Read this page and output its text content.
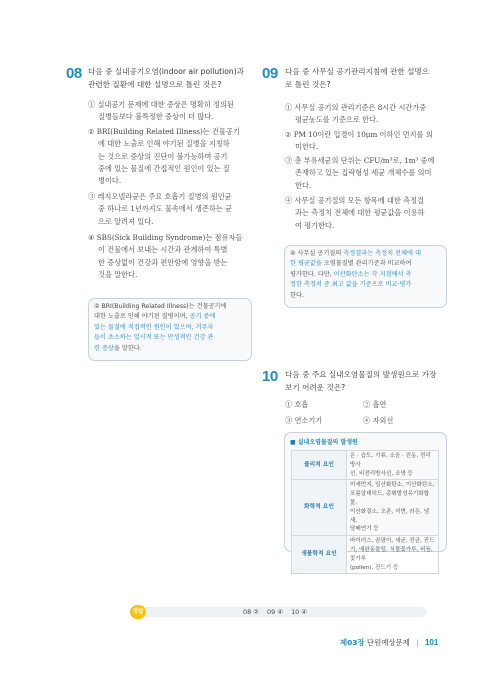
08 다음 중 실내공기오염(indoor air pollution)과
관련한 질환에 대한 설명으로 틀린 것은?
① 실내공기 문제에 대한 증상은 명확히 정의된
질병들보다 불특정한 증상이 더 많다.
② BRI(Building Related Illness)는 건물공기
에 대한 노출로 인해 야기된 질병을 지칭하
는 것으로 증상의 진단이 불가능하며 공기
중에 있는 물질에 간접적인 원인이 있는 질
병이다.
③ 레지오넬라균은 주요 호흡기 질병의 원인균
중 하나로 1년까지도 물속에서 생존하는 균
으로 알려져 있다.
④ SBS(Sick Building Syndrome)는 점유자들
이 건물에서 보내는 시간과 관계하여 특별
한 증상없이 건강과 편안함에 영향을 받는
것을 말한다.
② BRI(Building Related Illness)는 건물공기에
대한 노출로 인해 야기된 질병이며, 공기 중에
있는 물질에 직접적인 원인이 있으며, 거주자
들이 초소하는 일시적 또는 만성적인 건강 관
련 증상을 말한다.
09 다음 중 사무실 공기관리지침에 관한 설명으
로 틀린 것은?
① 사무실 공기의 관리기준은 8시간 시간가중
평균농도를 기준으로 한다.
② PM 10이란 입경이 10μm 이하인 먼지를 의
미한다.
③ 총 부유세균의 단위는 CFU/m³로, 1m³ 중에
존재하고 있는 집락형성 세균 개체수를 의미
한다.
④ 사무실 공기질의 모든 항목에 대한 측정결
과는 측정치 전체에 대한 평균값을 이용하
여 평가한다.
④ 사무실 공기질의 측정결과는 측정치 전체에 대
한 평균값을 오염물질별 관리기준과 비교하여
평가한다. 다만, 이산화탄소는 각 지점에서 측
정한 측정치 중 최고 값을 기준으로 비교·평가
한다.
10 다음 중 주요 실내오염물질의 발생원으로 가장
보기 어려운 것은?
① 호흡	② 흡연
③ 연소기기	④ 자외선
■ 실내오염물질의 발생원
물리적 요인	온 · 습도, 기류, 소음 · 진동, 전리방사
선, 비전리방사선, 조명 등

화학적 요인	미세먼지, 일산화탄소, 이산화탄소,
포름알데히드, 총휘발성유기화합물,
이산화질소, 오존, 석면, 라돈, 냄새,
담배연기 등

생물학적 요인	바이러스, 곰팡이, 세균, 진균, 진드
기, 애완동물털, 식물꽃가루, 비듬, 꽃가루
(pollen), 진드기 등
정답	08 ②    09 ④    10 ④
제03장 단원예상문제 | 101
